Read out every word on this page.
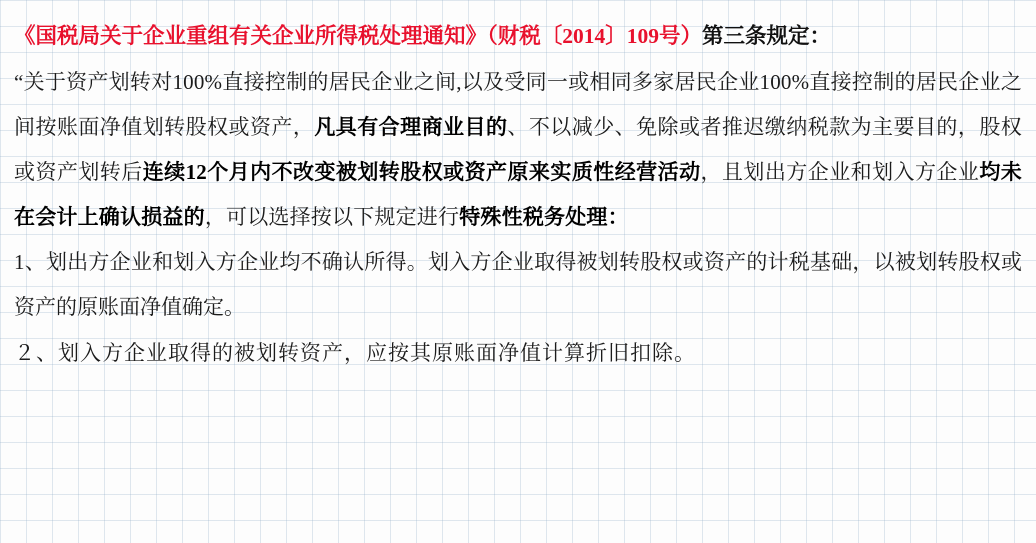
《国税局关于企业重组有关企业所得税处理通知》（财税〔2014〕109号）第三条规定：

“关于资产划转对100%直接控制的居民企业之间,以及受同一或相同多家居民企业100%直接控制的居民企业之间按账面净值划转股权或资产，凡具有合理商业目的、不以减少、免除或者推迟缴纳税款为主要目的，股权或资产划转后连续12个月内不改变被划转股权或资产原来实质性经营活动，且划出方企业和划入方企业均未在会计上确认损益的，可以选择按以下规定进行特殊性税务处理：

1、划出方企业和划入方企业均不确认所得。划入方企业取得被划转股权或资产的计税基础，以被划转股权或资产的原账面净值确定。

２、划入方企业取得的被划转资产，应按其原账面净值计算折旧扣除。
